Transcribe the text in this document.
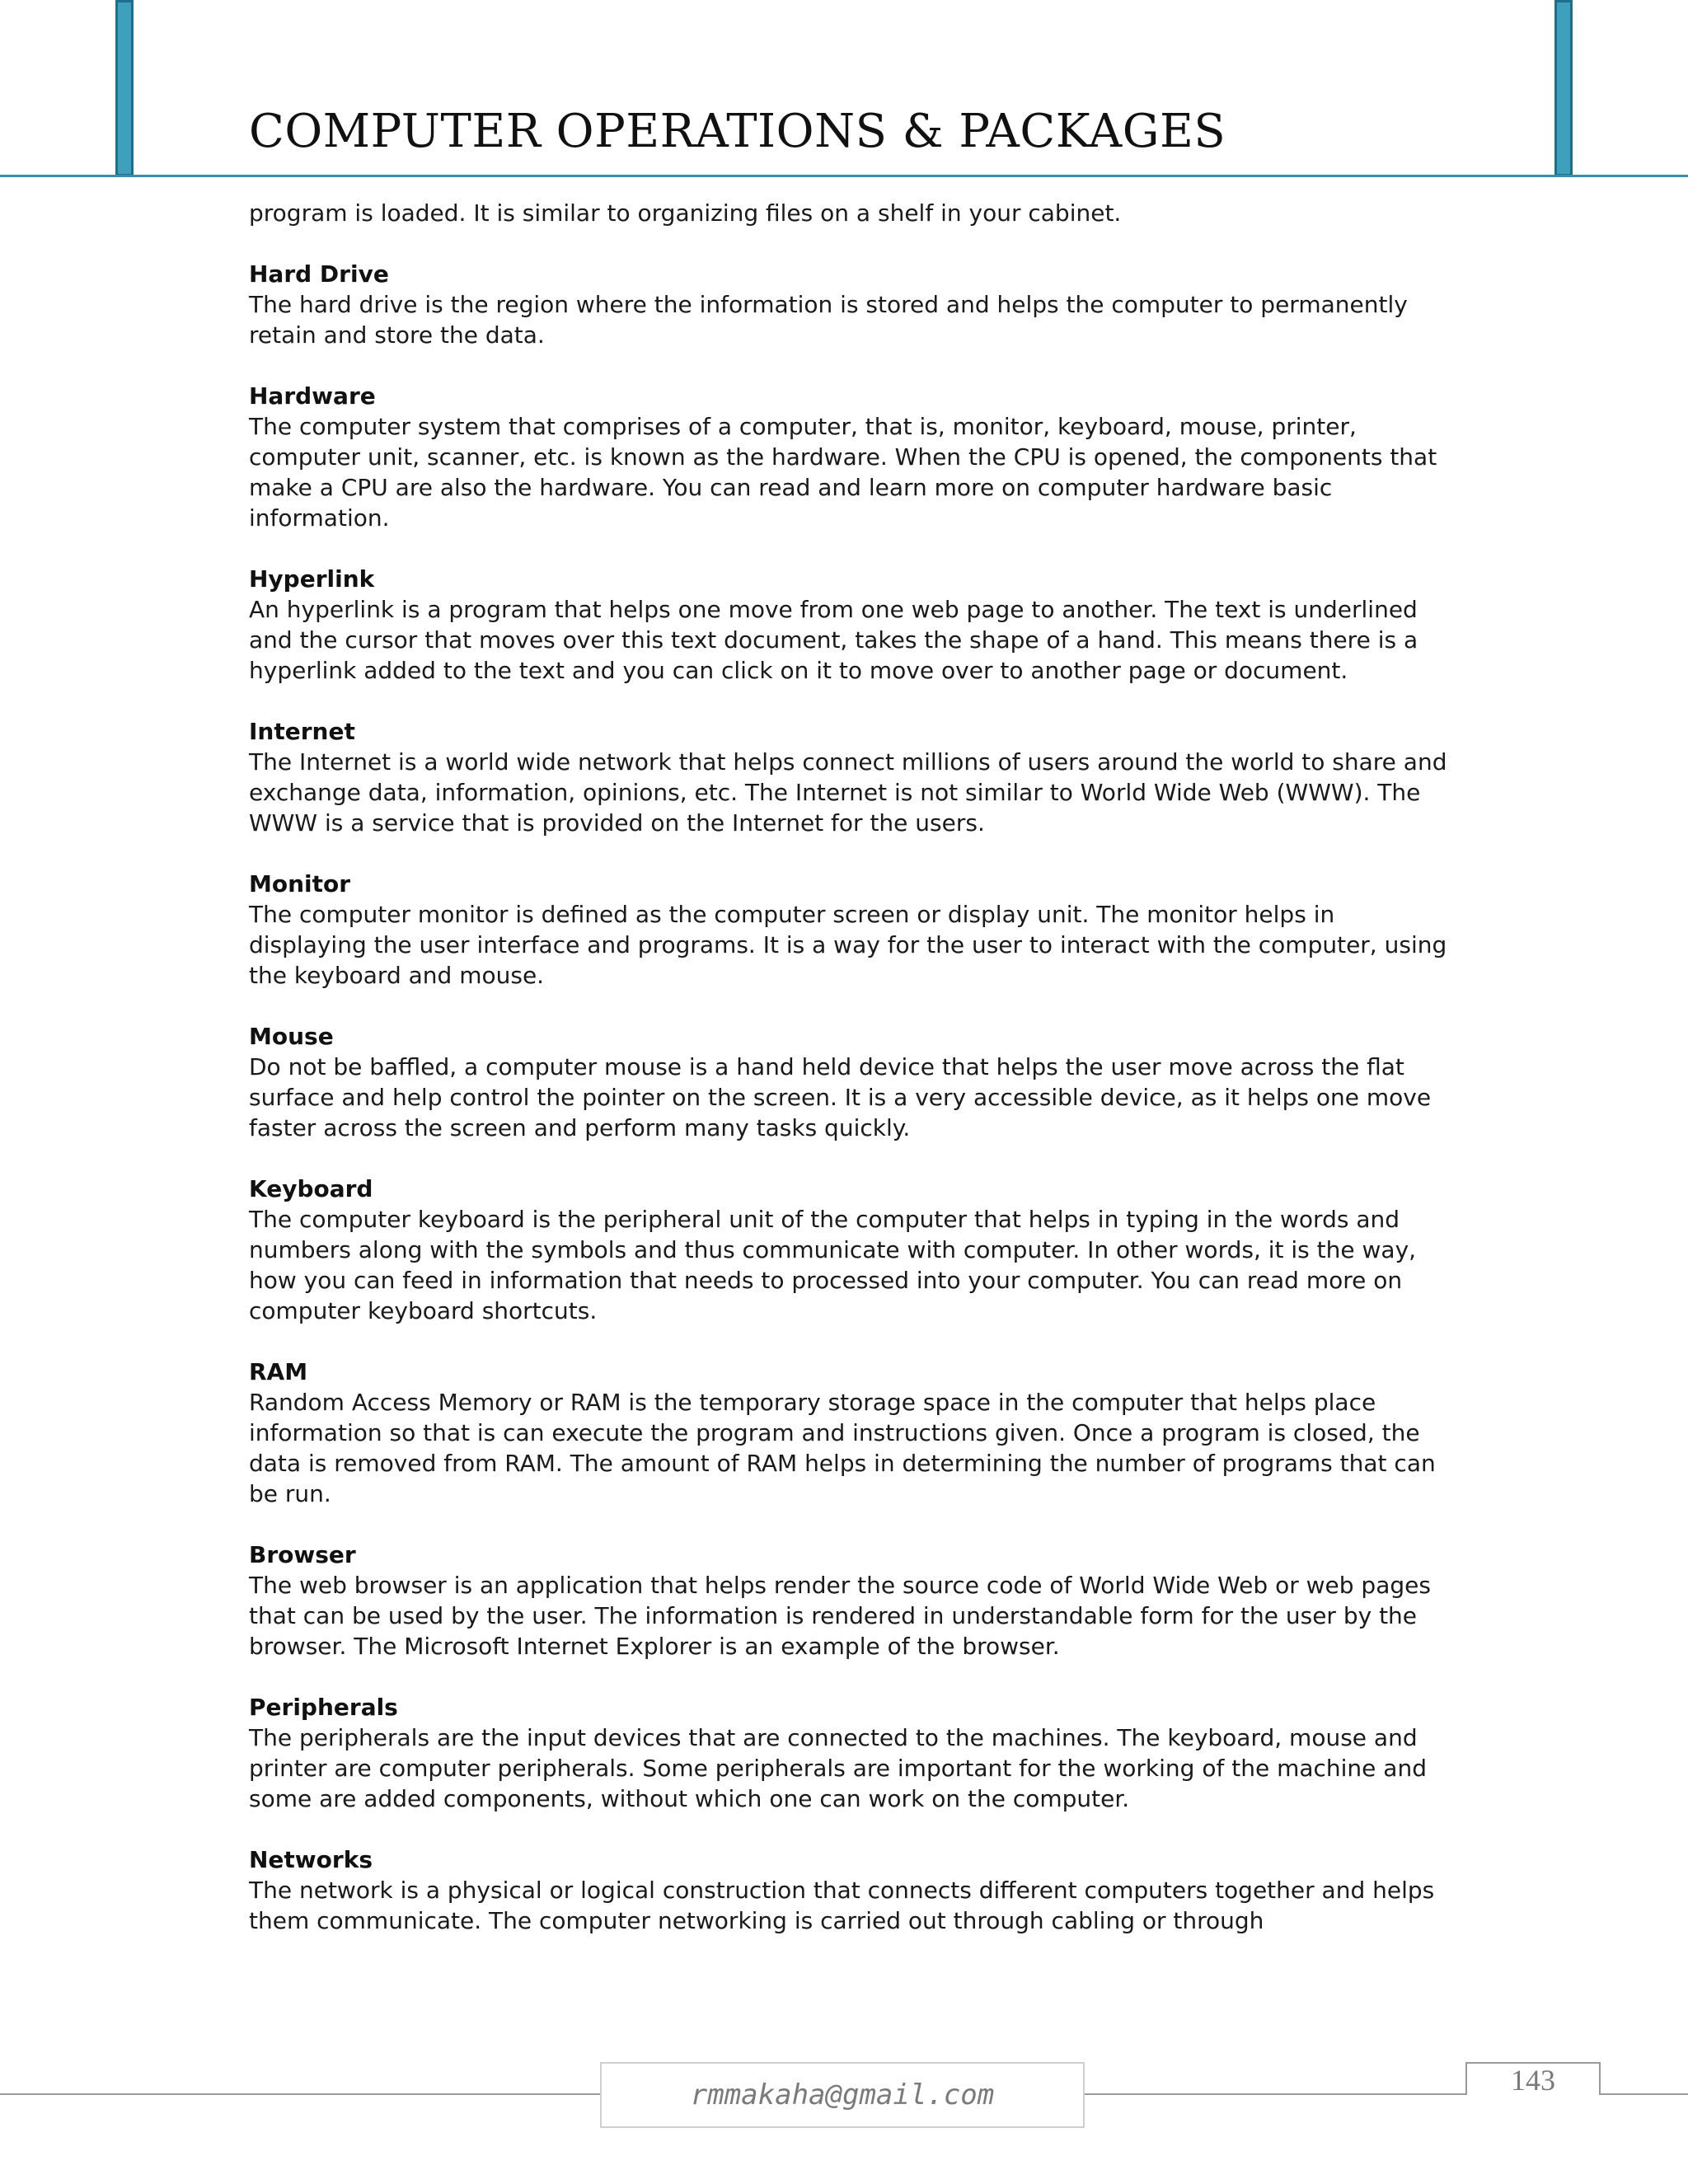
COMPUTER OPERATIONS & PACKAGES

program is loaded. It is similar to organizing files on a shelf in your cabinet.

Hard Drive

The hard drive is the region where the information is stored and helps the computer to permanently retain and store the data.

Hardware

The computer system that comprises of a computer, that is, monitor, keyboard, mouse, printer, computer unit, scanner, etc. is known as the hardware. When the CPU is opened, the components that make a CPU are also the hardware. You can read and learn more on computer hardware basic information.

Hyperlink

An hyperlink is a program that helps one move from one web page to another. The text is underlined and the cursor that moves over this text document, takes the shape of a hand. This means there is a hyperlink added to the text and you can click on it to move over to another page or document.

Internet

The Internet is a world wide network that helps connect millions of users around the world to share and exchange data, information, opinions, etc. The Internet is not similar to World Wide Web (WWW). The WWW is a service that is provided on the Internet for the users.

Monitor

The computer monitor is defined as the computer screen or display unit. The monitor helps in displaying the user interface and programs. It is a way for the user to interact with the computer, using the keyboard and mouse.

Mouse

Do not be baffled, a computer mouse is a hand held device that helps the user move across the flat surface and help control the pointer on the screen. It is a very accessible device, as it helps one move faster across the screen and perform many tasks quickly.

Keyboard

The computer keyboard is the peripheral unit of the computer that helps in typing in the words and numbers along with the symbols and thus communicate with computer. In other words, it is the way, how you can feed in information that needs to processed into your computer. You can read more on computer keyboard shortcuts.

RAM

Random Access Memory or RAM is the temporary storage space in the computer that helps place information so that is can execute the program and instructions given. Once a program is closed, the data is removed from RAM. The amount of RAM helps in determining the number of programs that can be run.

Browser

The web browser is an application that helps render the source code of World Wide Web or web pages that can be used by the user. The information is rendered in understandable form for the user by the browser. The Microsoft Internet Explorer is an example of the browser.

Peripherals

The peripherals are the input devices that are connected to the machines. The keyboard, mouse and printer are computer peripherals. Some peripherals are important for the working of the machine and some are added components, without which one can work on the computer.

Networks

The network is a physical or logical construction that connects different computers together and helps them communicate. The computer networking is carried out through cabling or through

rmmakaha@gmail.com	143
